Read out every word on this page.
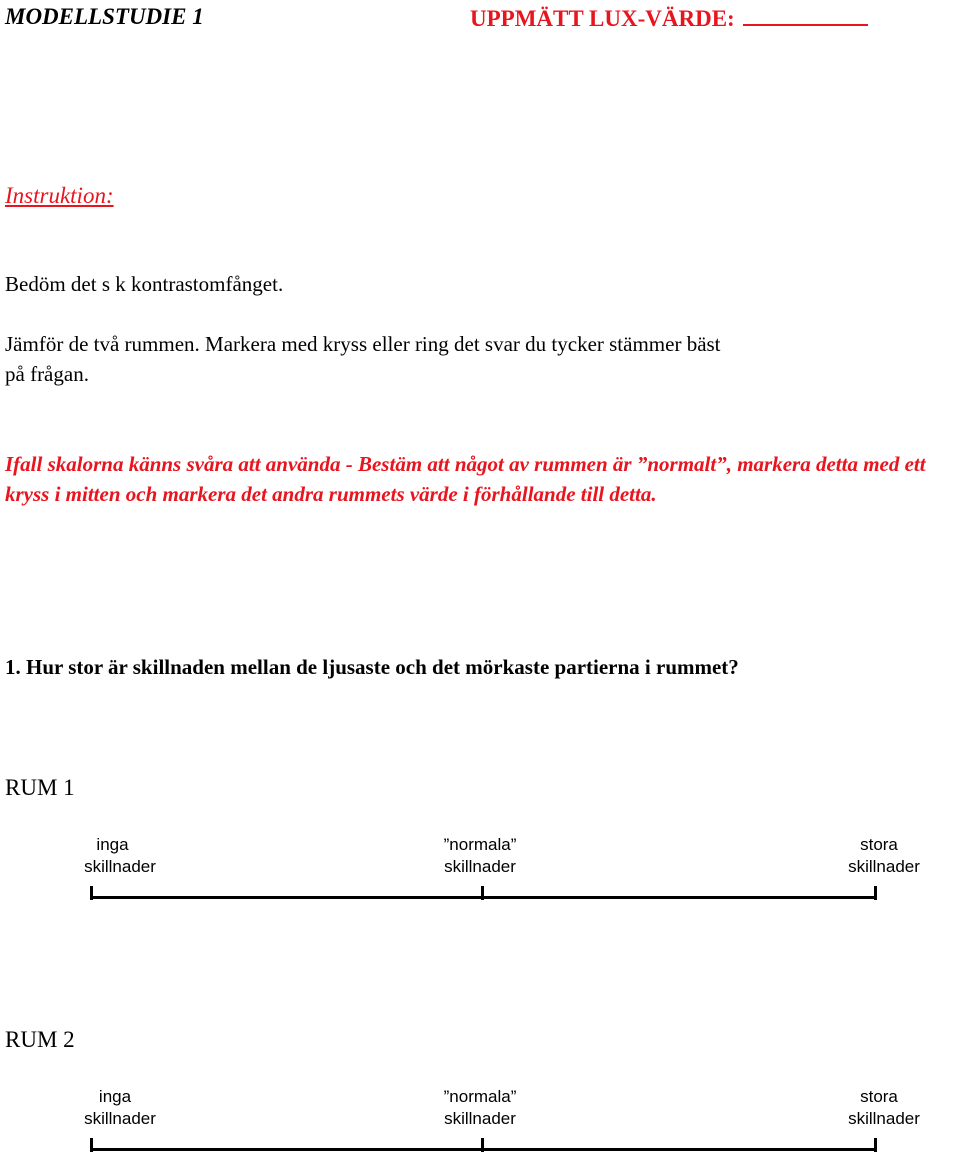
MODELLSTUDIE 1	UPPMÄTT LUX-VÄRDE:
Instruktion:
Bedöm det s k kontrastomfånget.
Jämför de två rummen. Markera med kryss eller ring det svar du tycker stämmer bäst
på frågan.
Ifall skalorna känns svåra att använda - Bestäm att något av rummen är ”normalt”, markera detta med ett kryss i mitten och markera det andra rummets värde i förhållande till detta.
1. Hur stor är skillnaden mellan de ljusaste och det mörkaste partierna i rummet?
RUM 1
inga
skillnader
”normala”
skillnader
stora
skillnader
RUM 2
inga
skillnader
”normala”
skillnader
stora
skillnader
